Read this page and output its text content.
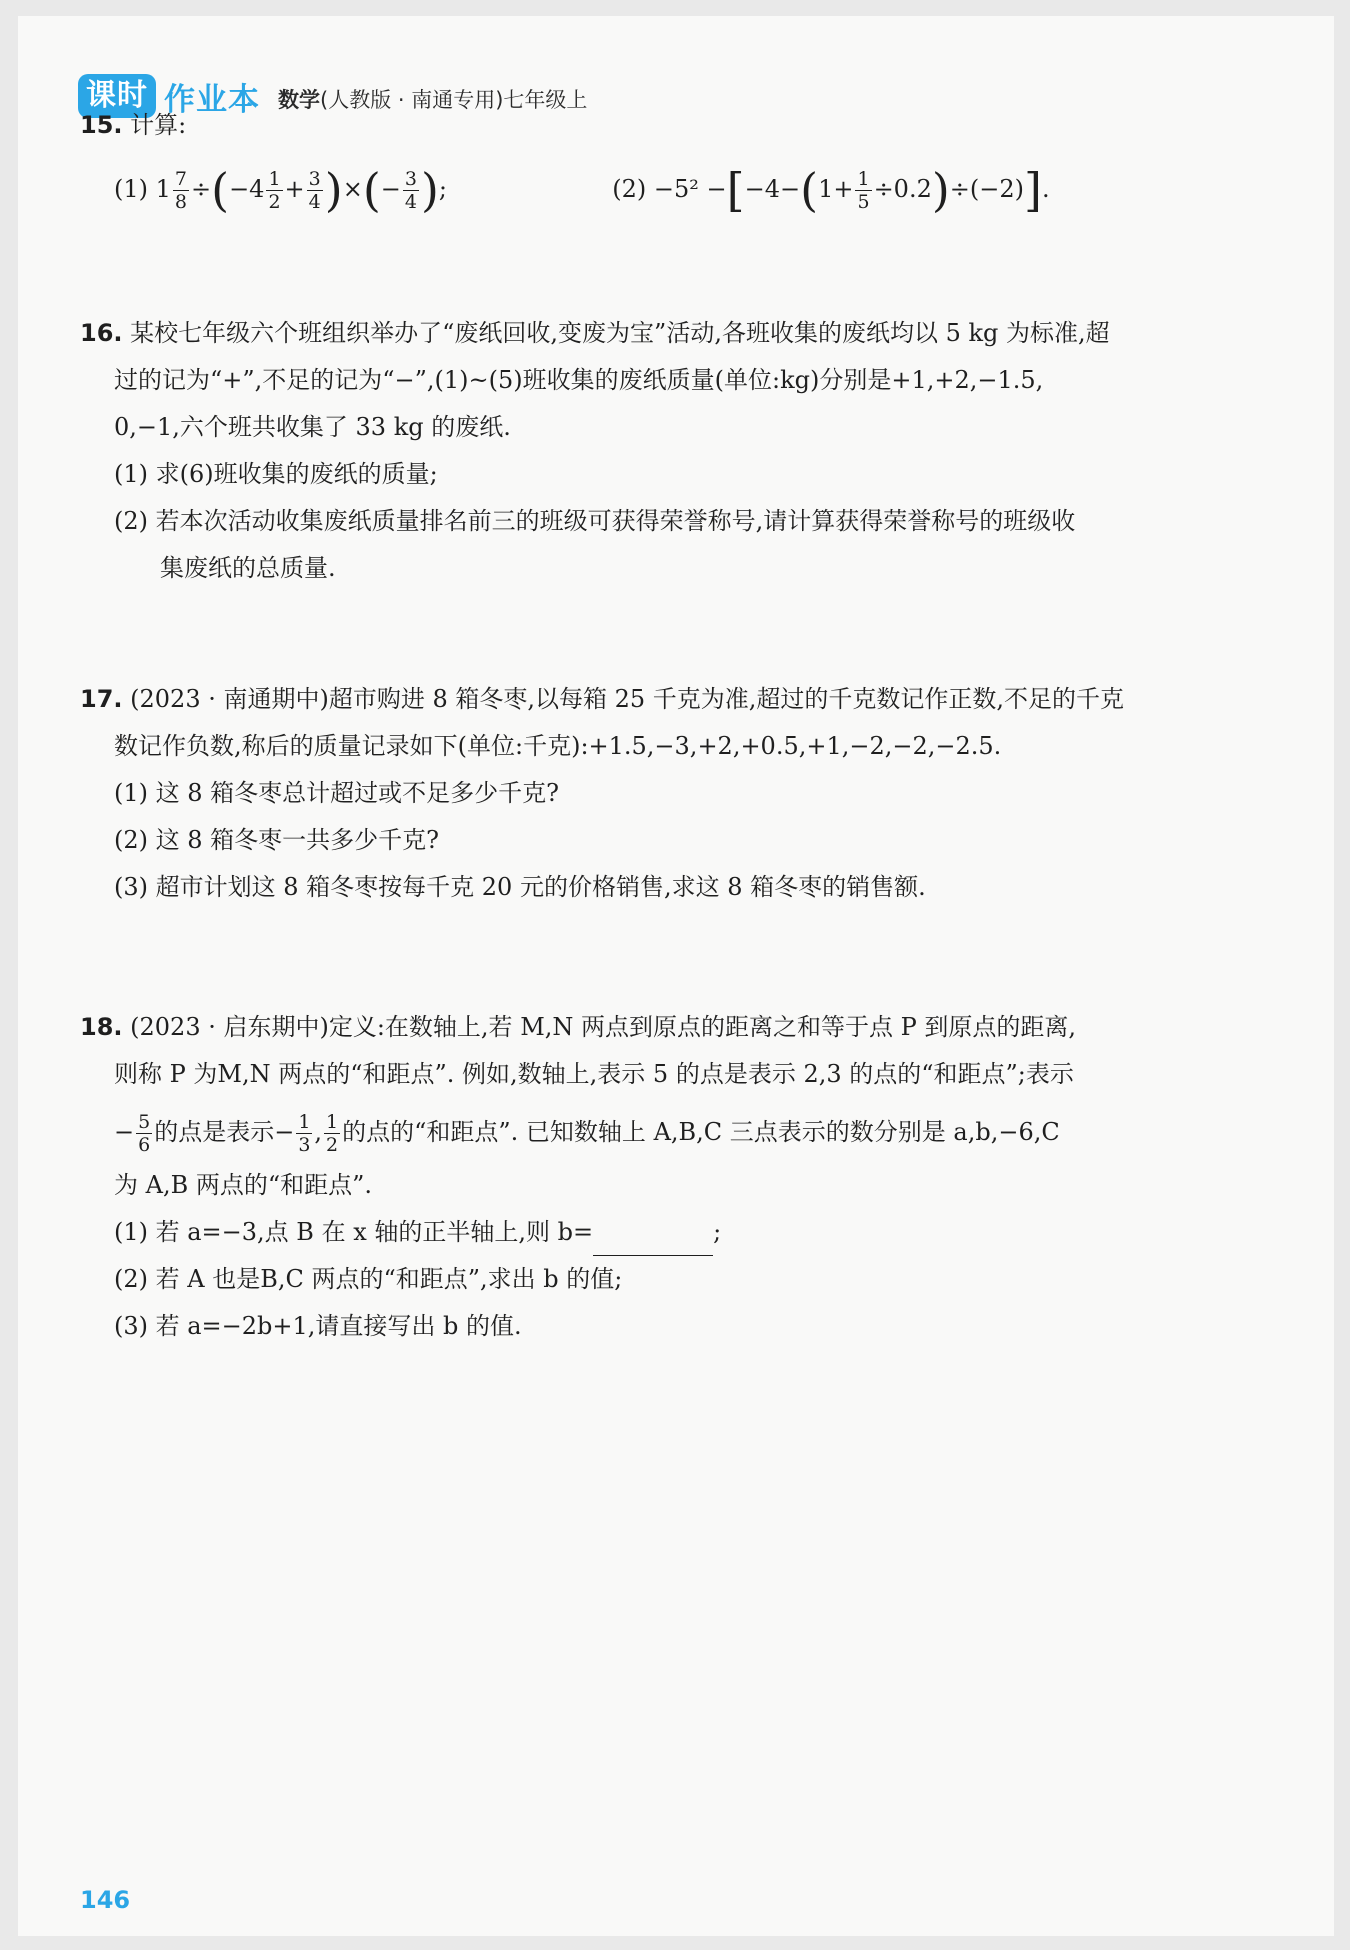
课时 作业本 数学(人教版 · 南通专用)七年级上
15. 计算:
(1) $1 \frac{7}{8} \div(-4 \frac{1}{2} + \frac{3}{4}$ )×(− $\frac{3}{4}$ );	$(2) -5^2 -[-4-(1+ \frac{1}{5} \div 0.2)\div(-2)]$.
16. 某校七年级六个班组织举办了“废纸回收,变废为宝”活动,各班收集的废纸均以 5 kg 为标准,超
过的记为“+”,不足的记为“−”,(1)~(5)班收集的废纸质量(单位:kg)分别是+1,+2,−1.5,
0,−1,六个班共收集了 33 kg 的废纸.
(1) 求(6)班收集的废纸的质量;
(2) 若本次活动收集废纸质量排名前三的班级可获得荣誉称号,请计算获得荣誉称号的班级收
集废纸的总质量.
17. (2023 · 南通期中)超市购进 8 箱冬枣,以每箱 25 千克为准,超过的千克数记作正数,不足的千克
数记作负数,称后的质量记录如下(单位:千克):+1.5,−3,+2,+0.5,+1,−2,−2,−2.5.
(1) 这 8 箱冬枣总计超过或不足多少千克?
(2) 这 8 箱冬枣一共多少千克?
(3) 超市计划这 8 箱冬枣按每千克 20 元的价格销售,求这 8 箱冬枣的销售额.
18. (2023 · 启东期中)定义:在数轴上,若 M,N 两点到原点的距离之和等于点 P 到原点的距离,
则称 P 为M,N 两点的“和距点”. 例如,数轴上,表示 5 的点是表示 2,3 的点的“和距点”;表示
− $\frac{5}{6}$ 的点是表示− $\frac{1}{3}$ , $\frac{1}{2}$ 的点的“和距点”. 已知数轴上 A,B,C 三点表示的数分别是 a,b,−6,C
为 A,B 两点的“和距点”.
(1) 若 a=−3,点 B 在 x 轴的正半轴上,则 b=	;
(2) 若 A 也是B,C 两点的“和距点”,求出 b 的值;
(3) 若 a=−2b+1,请直接写出 b 的值.
146
